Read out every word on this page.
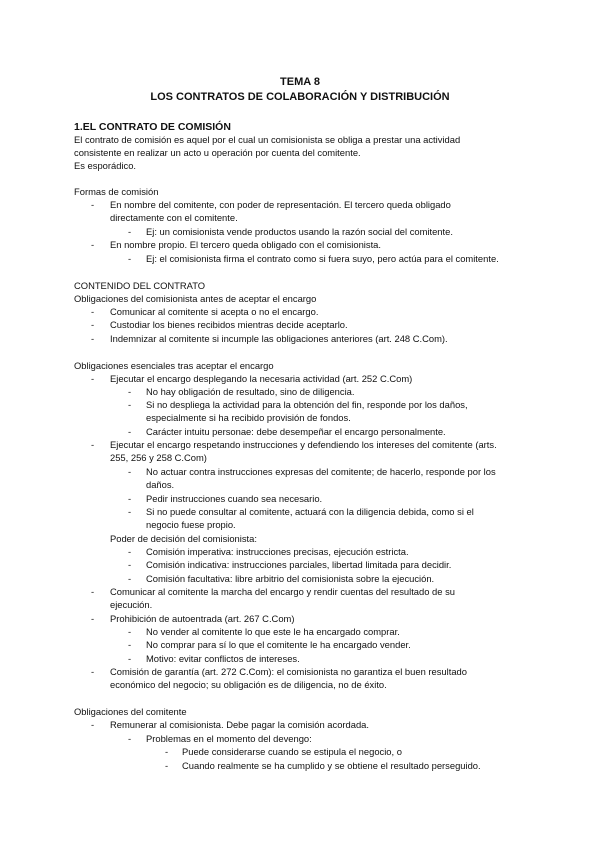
TEMA 8
LOS CONTRATOS DE COLABORACIÓN Y DISTRIBUCIÓN
1.EL CONTRATO DE COMISIÓN
El contrato de comisión es aquel por el cual un comisionista se obliga a prestar una actividad
consistente en realizar un acto u operación por cuenta del comitente.
Es esporádico.
Formas de comisión
- En nombre del comitente, con poder de representación. El tercero queda obligado
directamente con el comitente.
- Ej: un comisionista vende productos usando la razón social del comitente.
- En nombre propio. El tercero queda obligado con el comisionista.
- Ej: el comisionista firma el contrato como si fuera suyo, pero actúa para el comitente.
CONTENIDO DEL CONTRATO
Obligaciones del comisionista antes de aceptar el encargo
- Comunicar al comitente si acepta o no el encargo.
- Custodiar los bienes recibidos mientras decide aceptarlo.
- Indemnizar al comitente si incumple las obligaciones anteriores (art. 248 C.Com).
Obligaciones esenciales tras aceptar el encargo
- Ejecutar el encargo desplegando la necesaria actividad (art. 252 C.Com)
- No hay obligación de resultado, sino de diligencia.
- Si no despliega la actividad para la obtención del fin, responde por los daños,
especialmente si ha recibido provisión de fondos.
- Carácter intuitu personae: debe desempeñar el encargo personalmente.
- Ejecutar el encargo respetando instrucciones y defendiendo los intereses del comitente (arts.
255, 256 y 258 C.Com)
- No actuar contra instrucciones expresas del comitente; de hacerlo, responde por los
daños.
- Pedir instrucciones cuando sea necesario.
- Si no puede consultar al comitente, actuará con la diligencia debida, como si el
negocio fuese propio.
Poder de decisión del comisionista:
- Comisión imperativa: instrucciones precisas, ejecución estricta.
- Comisión indicativa: instrucciones parciales, libertad limitada para decidir.
- Comisión facultativa: libre arbitrio del comisionista sobre la ejecución.
- Comunicar al comitente la marcha del encargo y rendir cuentas del resultado de su
ejecución.
- Prohibición de autoentrada (art. 267 C.Com)
- No vender al comitente lo que este le ha encargado comprar.
- No comprar para sí lo que el comitente le ha encargado vender.
- Motivo: evitar conflictos de intereses.
- Comisión de garantía (art. 272 C.Com): el comisionista no garantiza el buen resultado
económico del negocio; su obligación es de diligencia, no de éxito.
Obligaciones del comitente
- Remunerar al comisionista. Debe pagar la comisión acordada.
- Problemas en el momento del devengo:
- Puede considerarse cuando se estipula el negocio, o
- Cuando realmente se ha cumplido y se obtiene el resultado perseguido.
